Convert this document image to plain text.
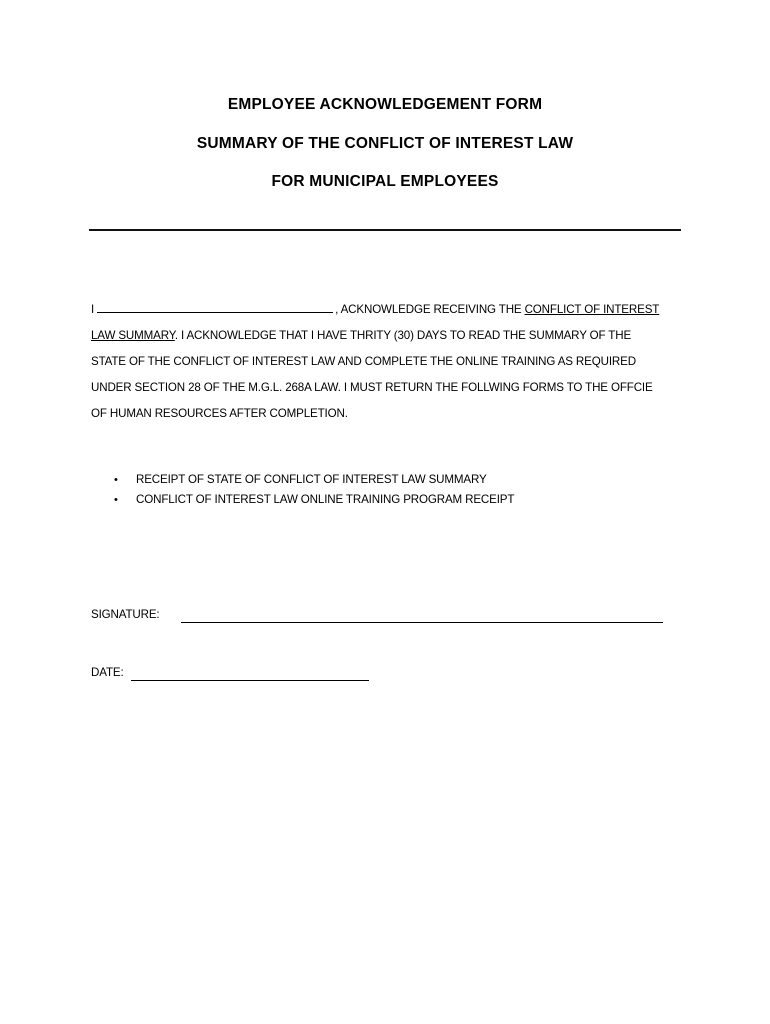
EMPLOYEE ACKNOWLEDGEMENT FORM
SUMMARY OF THE CONFLICT OF INTEREST LAW
FOR MUNICIPAL EMPLOYEES
I	, ACKNOWLEDGE RECEIVING THE CONFLICT OF INTEREST
LAW SUMMARY. I ACKNOWLEDGE THAT I HAVE THRITY (30) DAYS TO READ THE SUMMARY OF THE
STATE OF THE CONFLICT OF INTEREST LAW AND COMPLETE THE ONLINE TRAINING AS REQUIRED
UNDER SECTION 28 OF THE M.G.L. 268A LAW. I MUST RETURN THE FOLLWING FORMS TO THE OFFCIE
OF HUMAN RESOURCES AFTER COMPLETION.
• RECEIPT OF STATE OF CONFLICT OF INTEREST LAW SUMMARY
• CONFLICT OF INTEREST LAW ONLINE TRAINING PROGRAM RECEIPT
SIGNATURE:
DATE:
